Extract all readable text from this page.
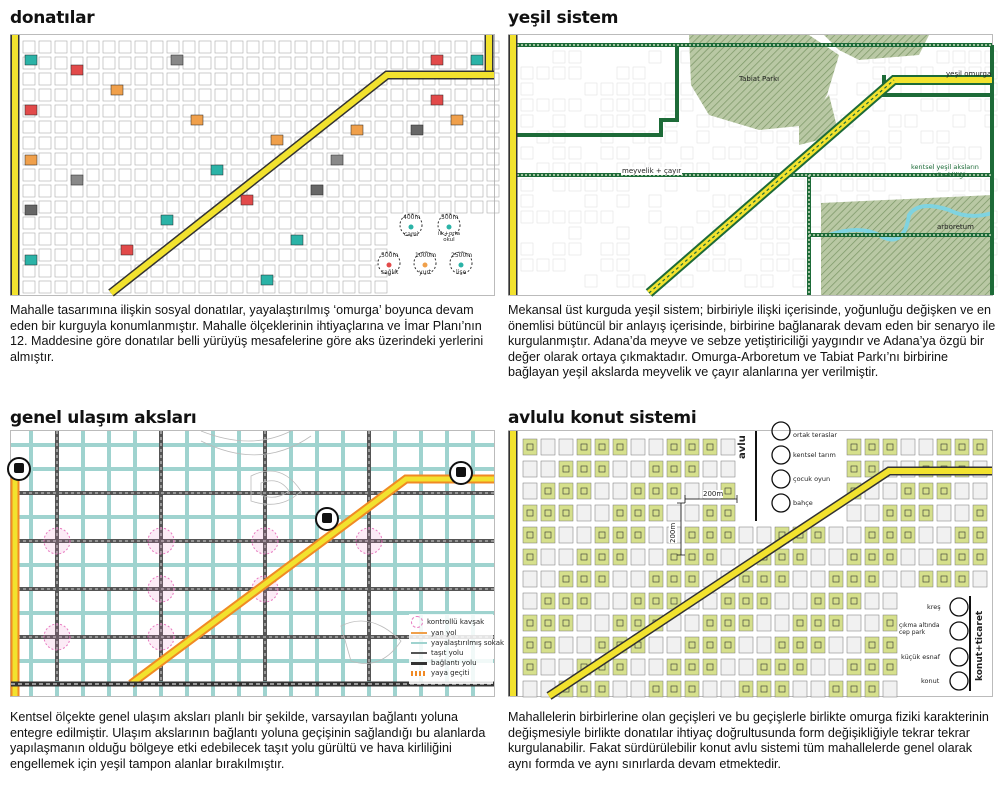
donatılar
400m
cami
500m
ilk+orta okul
500m
sağlık
1000m
yurt
2500m
lise
Mahalle tasarımına ilişkin sosyal donatılar, yayalaştırılmış ‘omurga’ boyunca devam eden bir kurguyla konumlanmıştır. Mahalle ölçeklerinin ihtiyaçlarına ve İmar Planı’nın 12. Maddesine göre donatılar belli yürüyüş mesafelerine göre aks üzerindeki yerlerini almıştır.
yeşil sistem
Tabiat Parkı
yeşil omurga
meyvelik + çayır	kentsel yeşil aksların
sürekliliği
arboretum
Mekansal üst kurguda yeşil sistem; birbiriyle ilişki içerisinde, yoğunluğu değişken ve en önemlisi bütüncül bir anlayış içerisinde, birbirine bağlanarak devam eden bir senaryo ile kurgulanmıştır. Adana’da meyve ve sebze yetiştiriciliği yaygındır ve Adana’ya özgü bir değer olarak ortaya çıkmaktadır. Omurga-Arboretum ve Tabiat Parkı’nı birbirine bağlayan yeşil akslarda meyvelik ve çayır alanlarına yer verilmiştir.
genel ulaşım aksları
kontrollü kavşak
yan yol
yayalaştırılmış sokak
taşıt yolu
bağlantı yolu
yaya geçiti
Kentsel ölçekte genel ulaşım aksları planlı bir şekilde, varsayılan bağlantı yoluna entegre edilmiştir. Ulaşım akslarının bağlantı yoluna geçişinin sağlandığı bu alanlarda yapılaşmanın olduğu bölgeye etki edebilecek taşıt yolu gürültü ve hava kirliliğini engellemek için yeşil tampon alanlar bırakılmıştır.
avlulu konut sistemi
avlu
ortak teraslar
kentsel tarım
çocuk oyun
bahçe
200m
200m
konut+ticaret
kreş
çıkma altında cep park
küçük esnaf
konut
Mahallelerin birbirlerine olan geçişleri ve bu geçişlerle birlikte omurga fiziki karakterinin değişmesiyle birlikte donatılar ihtiyaç doğrultusunda form değişikliğiyle tekrar tekrar kurgulanabilir. Fakat sürdürülebilir konut avlu sistemi tüm mahallelerde genel olarak aynı formda ve aynı sınırlarda devam etmektedir.
